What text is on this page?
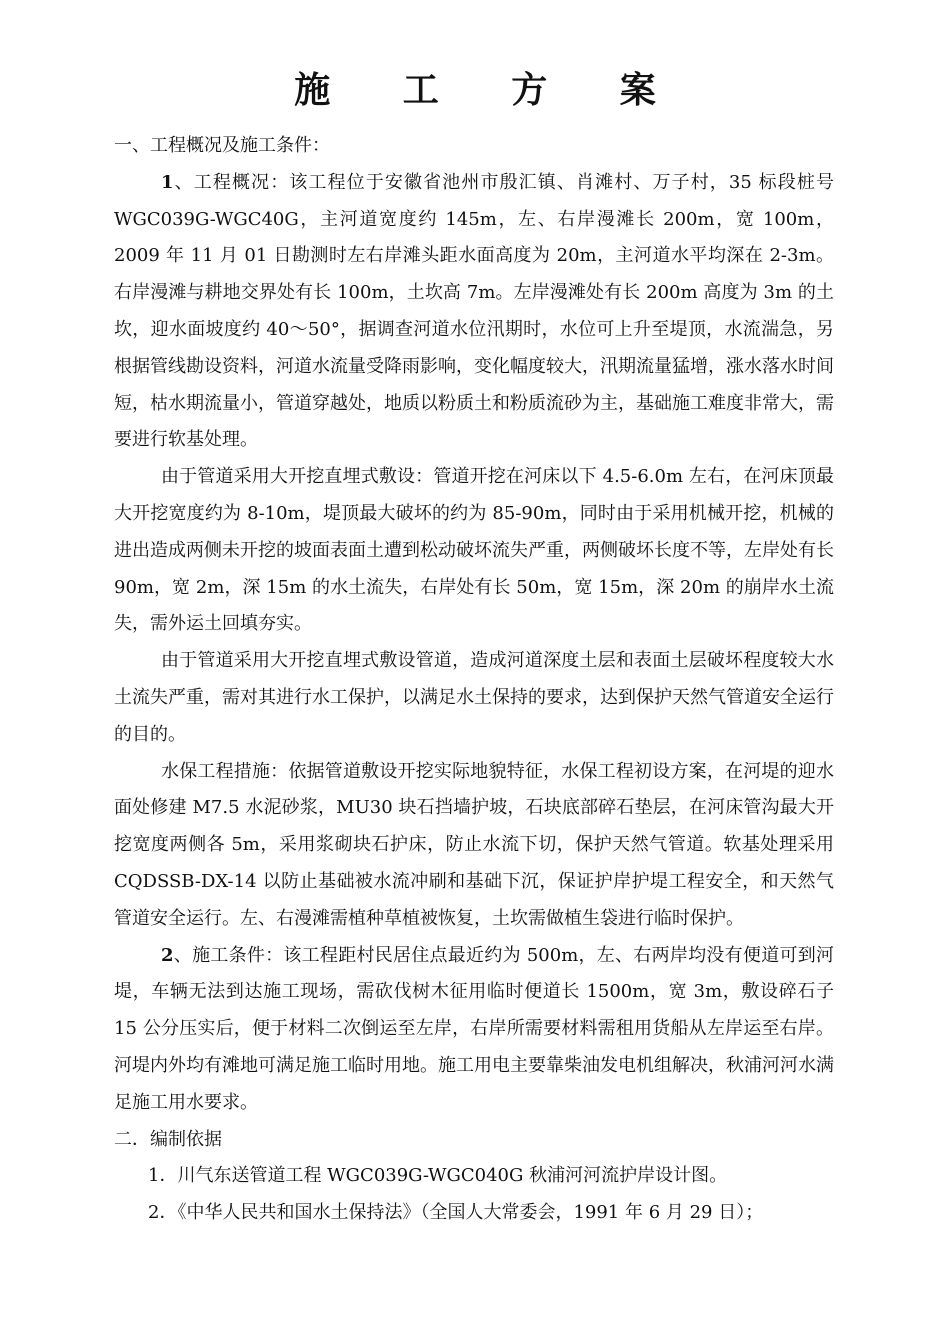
施 工 方 案

一、工程概况及施工条件：

1、工程概况：该工程位于安徽省池州市殷汇镇、肖滩村、万子村，35 标段桩号 WGC039G-WGC40G，主河道宽度约 145m，左、右岸漫滩长 200m，宽 100m，2009 年 11 月 01 日勘测时左右岸滩头距水面高度为 20m，主河道水平均深在 2-3m。右岸漫滩与耕地交界处有长 100m，土坎高 7m。左岸漫滩处有长 200m 高度为 3m 的土坎，迎水面坡度约 40～50°，据调查河道水位汛期时，水位可上升至堤顶，水流湍急，另根据管线勘设资料，河道水流量受降雨影响，变化幅度较大，汛期流量猛增，涨水落水时间短，枯水期流量小，管道穿越处，地质以粉质土和粉质流砂为主，基础施工难度非常大，需要进行软基处理。

由于管道采用大开挖直埋式敷设：管道开挖在河床以下 4.5-6.0m 左右，在河床顶最大开挖宽度约为 8-10m，堤顶最大破坏的约为 85-90m，同时由于采用机械开挖，机械的进出造成两侧未开挖的坡面表面土遭到松动破坏流失严重，两侧破坏长度不等，左岸处有长 90m，宽 2m，深 15m 的水土流失，右岸处有长 50m，宽 15m，深 20m 的崩岸水土流失，需外运土回填夯实。

由于管道采用大开挖直埋式敷设管道，造成河道深度土层和表面土层破坏程度较大水土流失严重，需对其进行水工保护，以满足水土保持的要求，达到保护天然气管道安全运行的目的。

水保工程措施：依据管道敷设开挖实际地貌特征，水保工程初设方案，在河堤的迎水面处修建 M7.5 水泥砂浆，MU30 块石挡墙护坡，石块底部碎石垫层，在河床管沟最大开挖宽度两侧各 5m，采用浆砌块石护床，防止水流下切，保护天然气管道。软基处理采用 CQDSSB-DX-14 以防止基础被水流冲刷和基础下沉，保证护岸护堤工程安全，和天然气管道安全运行。左、右漫滩需植种草植被恢复，土坎需做植生袋进行临时保护。

2、施工条件：该工程距村民居住点最近约为 500m，左、右两岸均没有便道可到河堤，车辆无法到达施工现场，需砍伐树木征用临时便道长 1500m，宽 3m，敷设碎石子 15 公分压实后，便于材料二次倒运至左岸，右岸所需要材料需租用货船从左岸运至右岸。河堤内外均有滩地可满足施工临时用地。施工用电主要靠柴油发电机组解决，秋浦河河水满足施工用水要求。

二．编制依据

1．川气东送管道工程 WGC039G-WGC040G 秋浦河河流护岸设计图。

2．《中华人民共和国水土保持法》（全国人大常委会，1991 年 6 月 29 日）；
